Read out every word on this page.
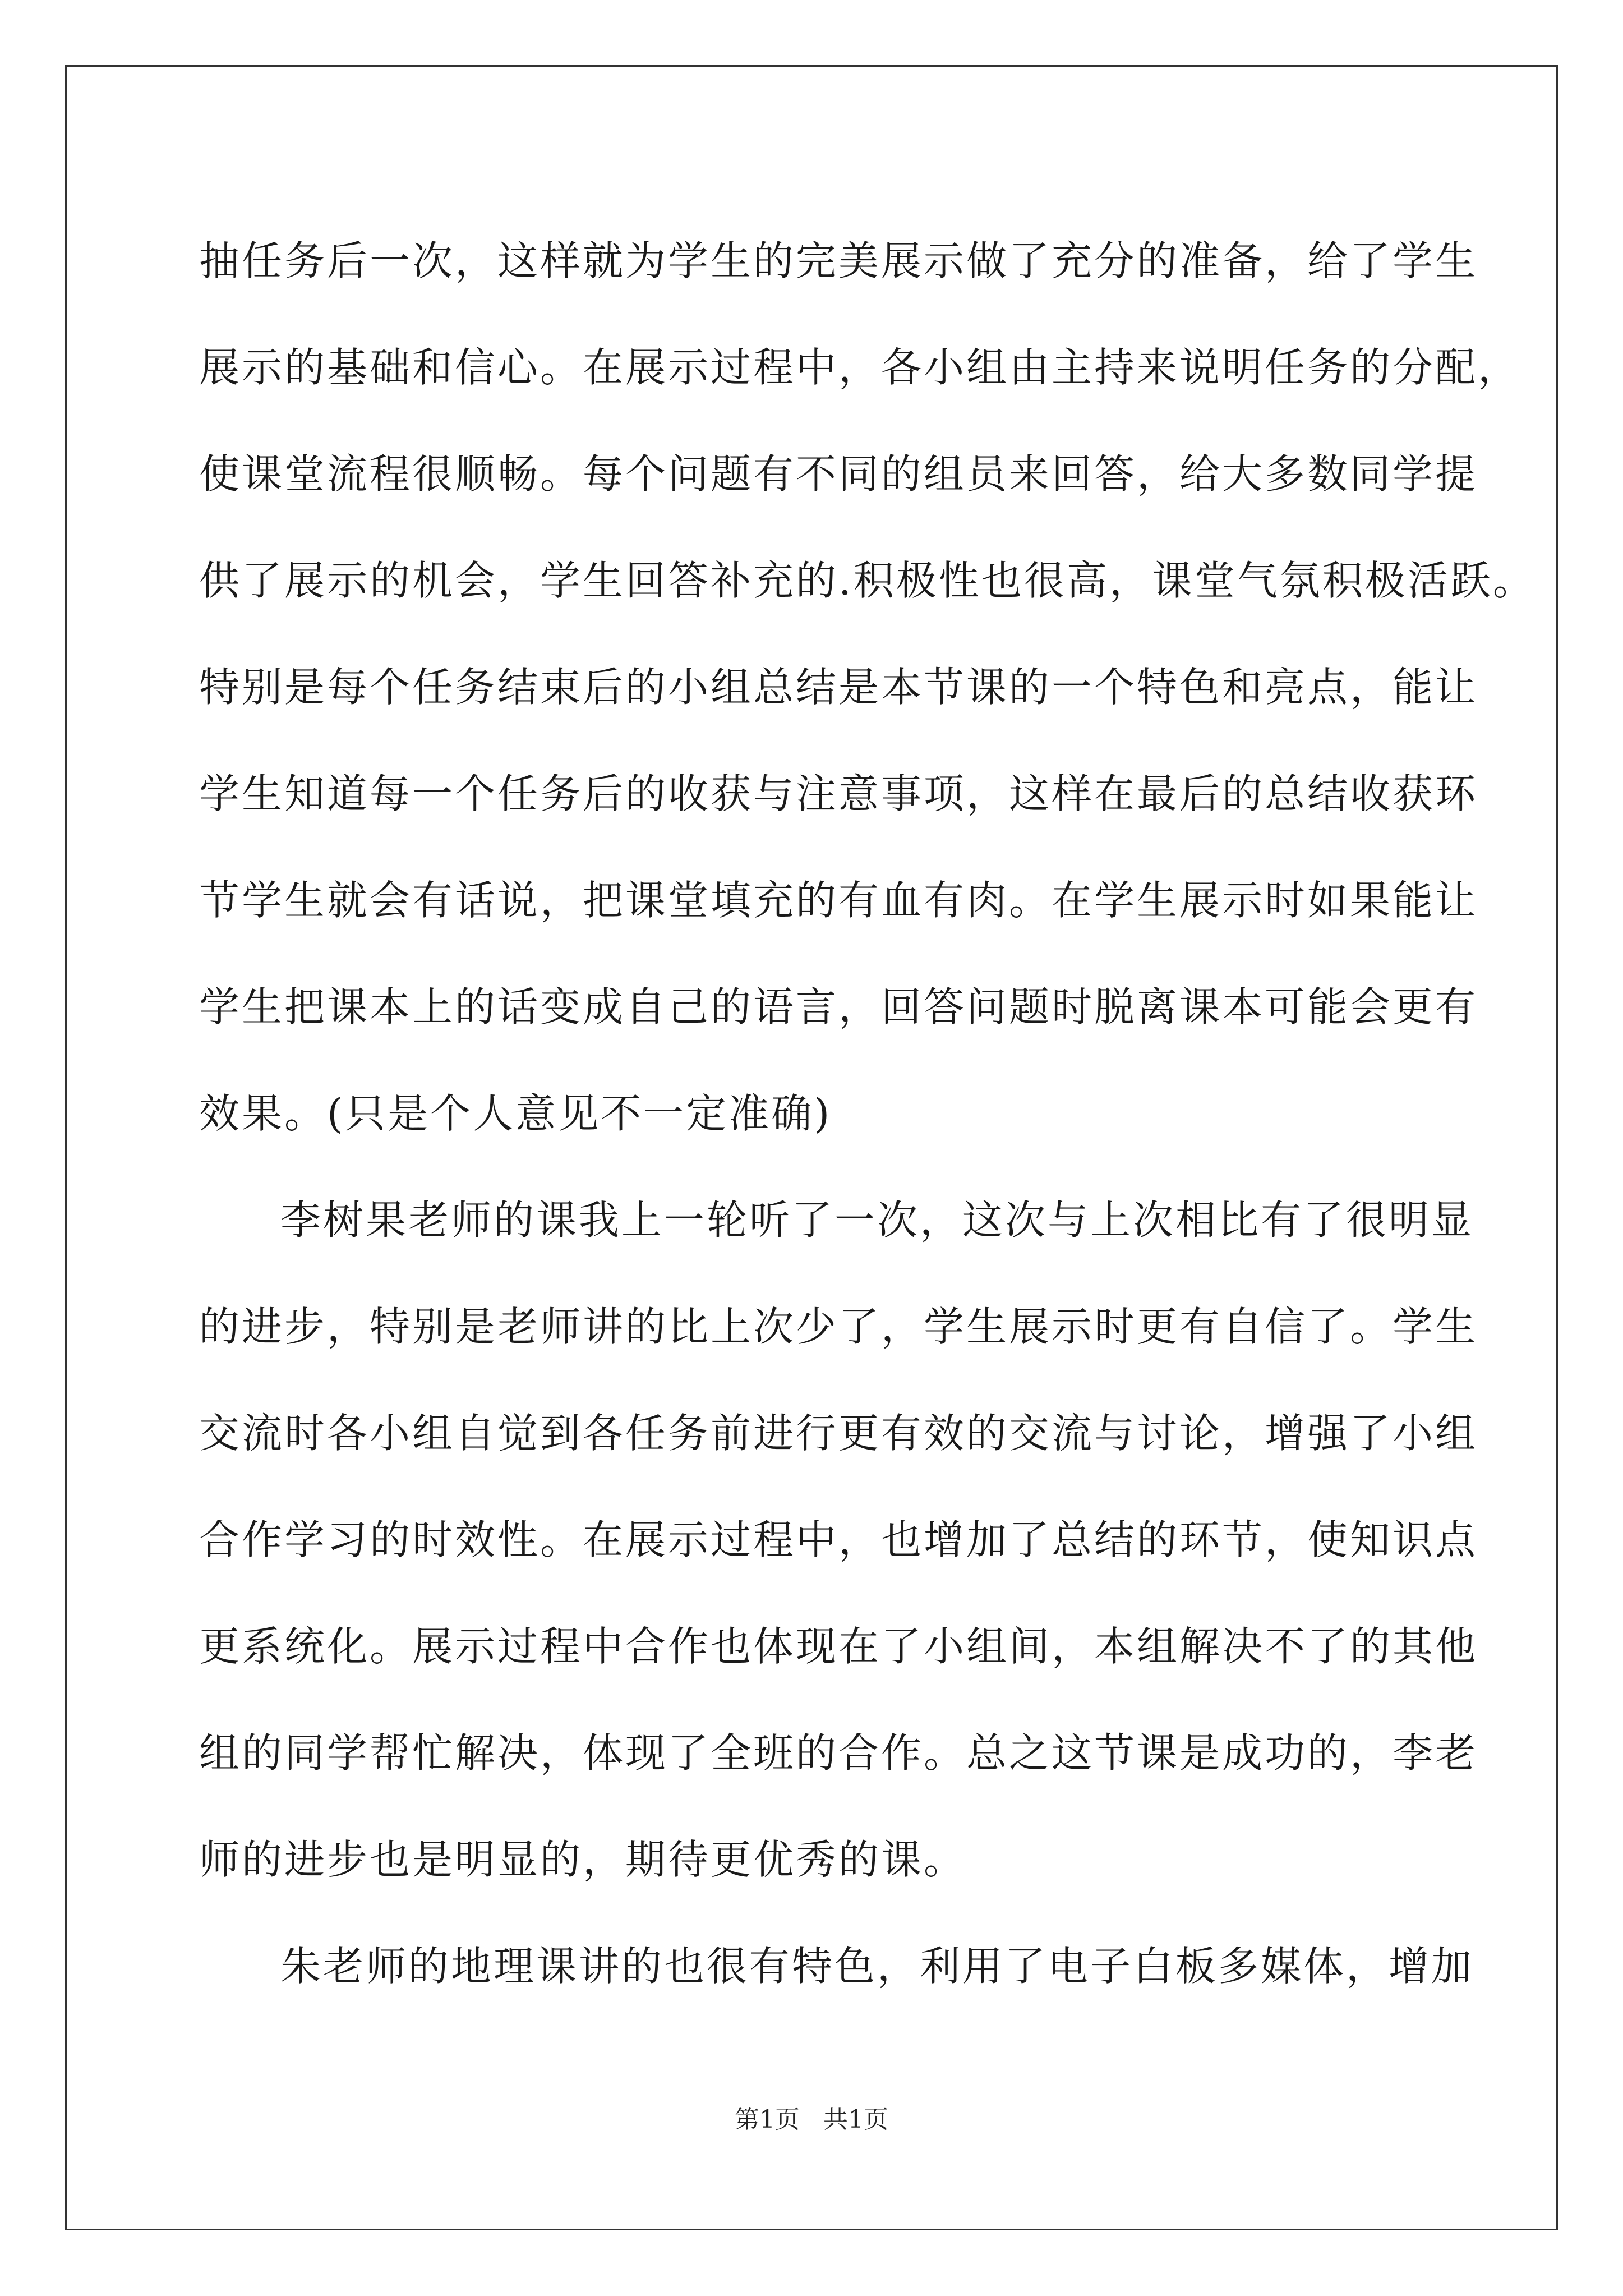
抽任务后一次，这样就为学生的完美展示做了充分的准备，给了学生
展示的基础和信心。在展示过程中，各小组由主持来说明任务的分配，
使课堂流程很顺畅。每个问题有不同的组员来回答，给大多数同学提
供了展示的机会，学生回答补充的.积极性也很高，课堂气氛积极活跃。
特别是每个任务结束后的小组总结是本节课的一个特色和亮点，能让
学生知道每一个任务后的收获与注意事项，这样在最后的总结收获环
节学生就会有话说，把课堂填充的有血有肉。在学生展示时如果能让
学生把课本上的话变成自己的语言，回答问题时脱离课本可能会更有
效果。(只是个人意见不一定准确)
李树果老师的课我上一轮听了一次，这次与上次相比有了很明显
的进步，特别是老师讲的比上次少了，学生展示时更有自信了。学生
交流时各小组自觉到各任务前进行更有效的交流与讨论，增强了小组
合作学习的时效性。在展示过程中，也增加了总结的环节，使知识点
更系统化。展示过程中合作也体现在了小组间，本组解决不了的其他
组的同学帮忙解决，体现了全班的合作。总之这节课是成功的，李老
师的进步也是明显的，期待更优秀的课。
朱老师的地理课讲的也很有特色，利用了电子白板多媒体，增加
第1页   共1页
